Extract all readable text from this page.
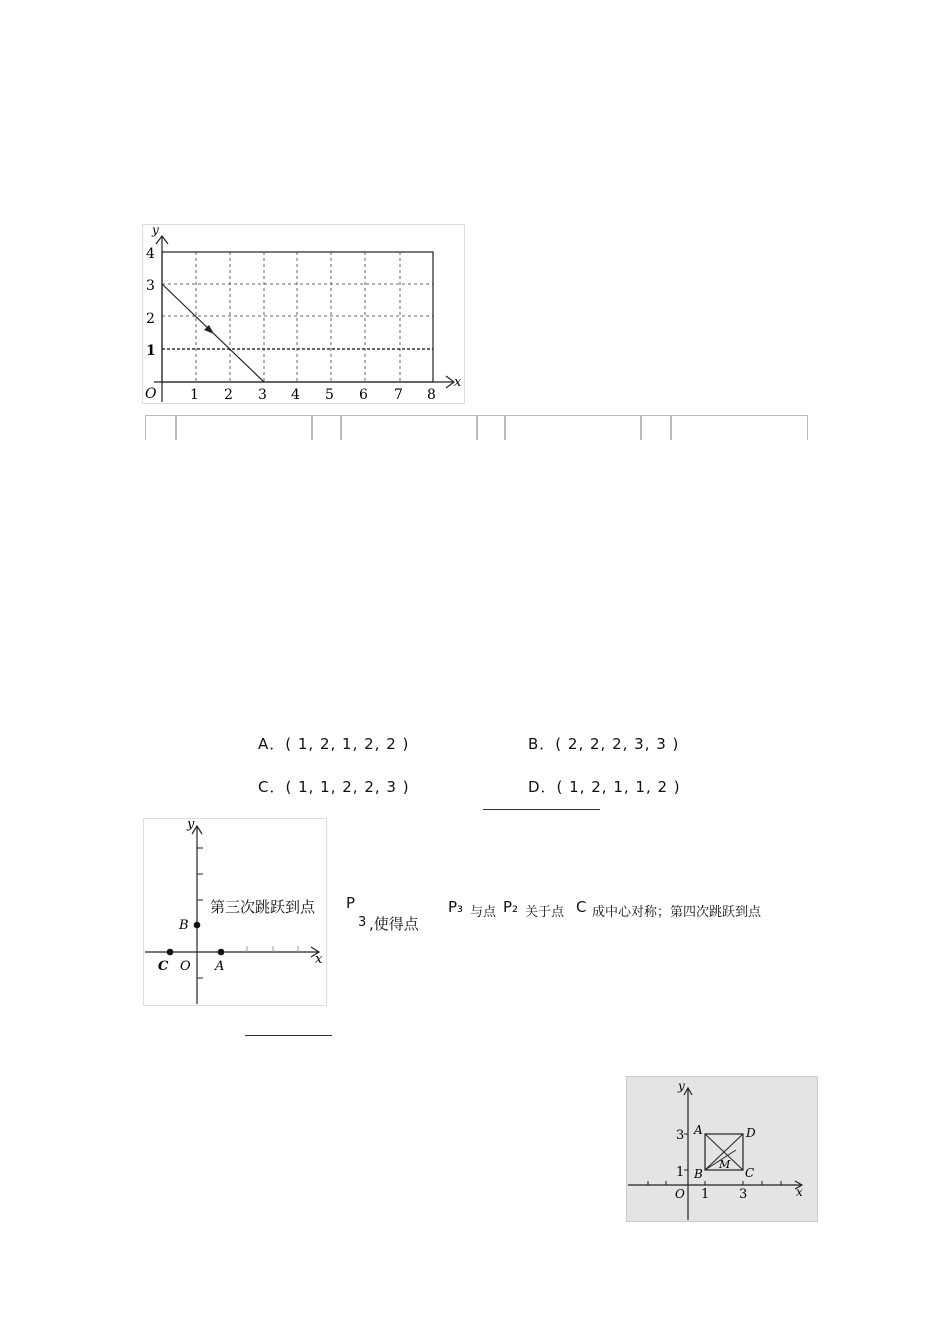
y
x
O
4
3
2
1
1 2 3 4 5 6 7 8
A．( 1, 2, 1, 2, 2 )	B．( 2, 2, 2, 3, 3 )
C．( 1, 1, 2, 2, 3 )	D．( 1, 2, 1, 1, 2 )
y
x
O
B
A
C
第三次跳跃到点 P
3 ,使得点
P₃ 与点 P₂ 关于点 C 成中心对称；第四次跳跃到点
y
x
O
3
1
1 3
A
B	C
D
M
